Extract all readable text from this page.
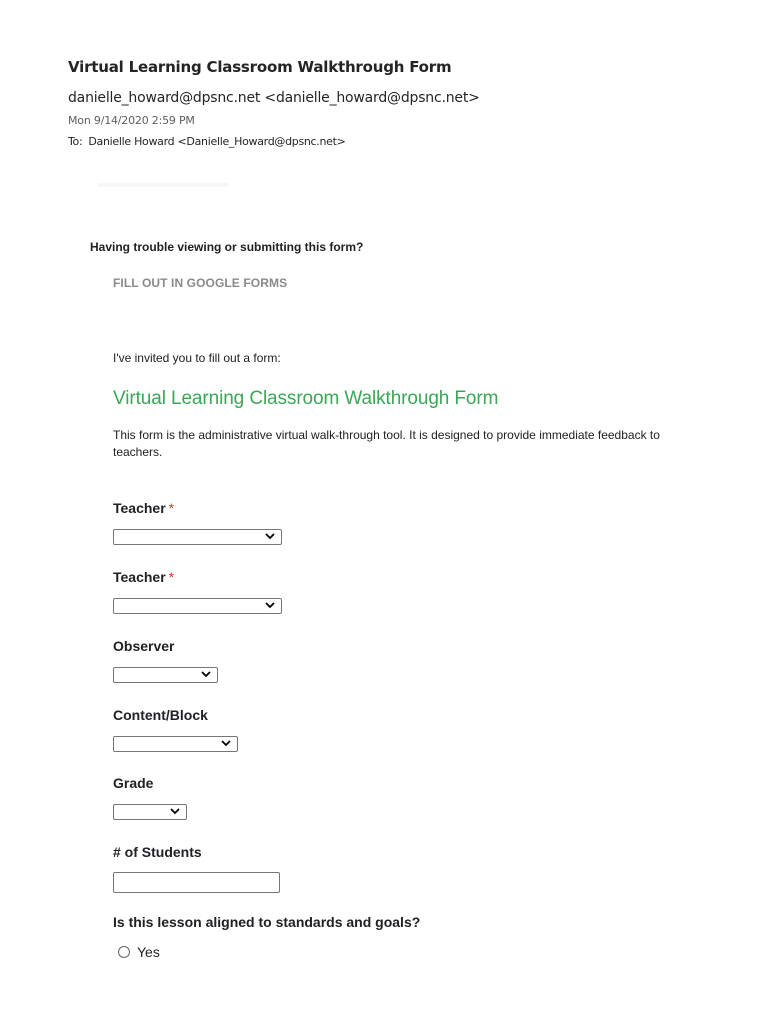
Virtual Learning Classroom Walkthrough Form
danielle_howard@dpsnc.net <danielle_howard@dpsnc.net>
Mon 9/14/2020 2:59 PM
To: Danielle Howard <Danielle_Howard@dpsnc.net>
Having trouble viewing or submitting this form?
FILL OUT IN GOOGLE FORMS
I've invited you to fill out a form:
Virtual Learning Classroom Walkthrough Form
This form is the administrative virtual walk-through tool. It is designed to provide immediate feedback to teachers.
Teacher *
Teacher *
Observer
Content/Block
Grade
# of Students
Is this lesson aligned to standards and goals?
Yes
